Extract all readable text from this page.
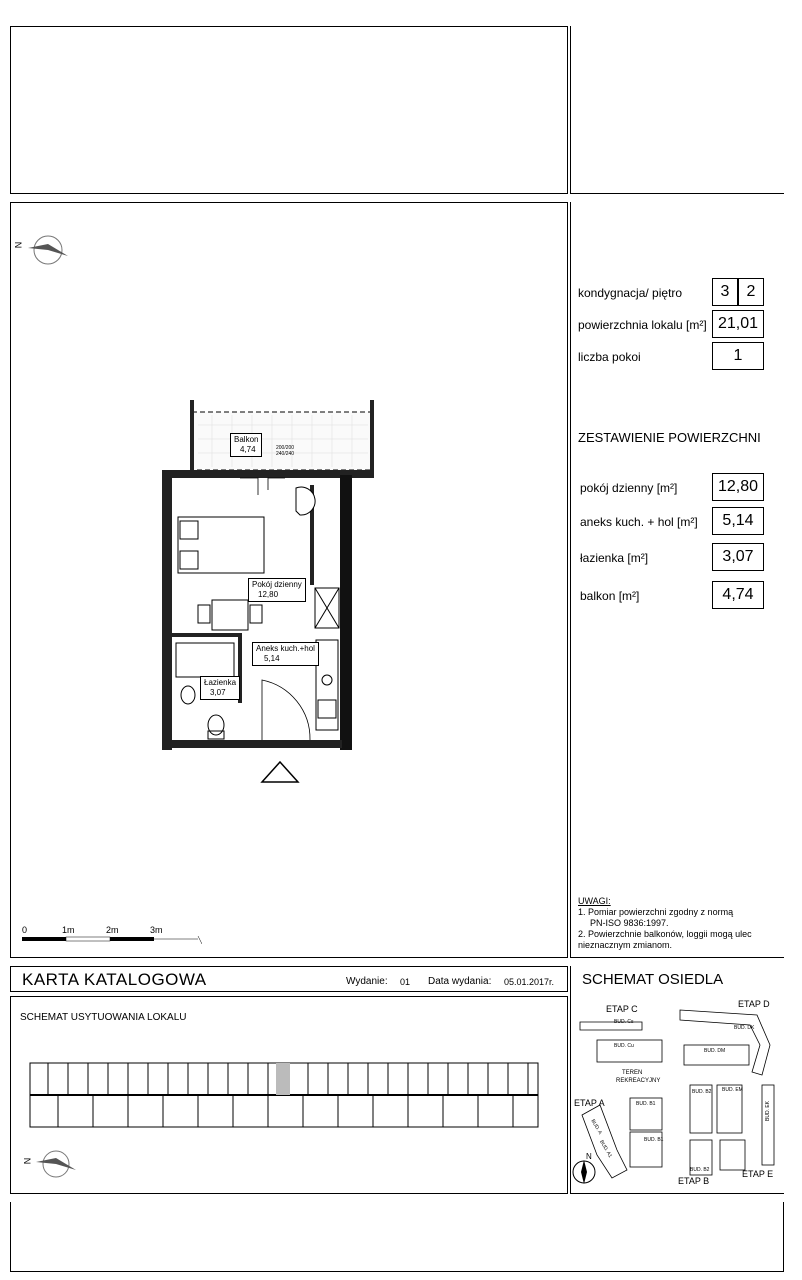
kondygnacja/ piętro	3	2
powierzchnia lokalu [m²] 21,01
liczba pokoi	1
ZESTAWIENIE POWIERZCHNI
pokój dzienny [m²]	12,80
aneks kuch. + hol [m²]	5,14
łazienka [m²]	3,07
balkon [m²]	4,74
UWAGI:
1. Pomiar powierzchni zgodny z normą
PN-ISO 9836:1997.
2. Powierzchnie balkonów, loggii mogą ulec
nieznacznym zmianom.
N
Balkon
4,74	200/200 240/240
Pokój dzienny
12,80
Aneks kuch.+hol
5,14
Łazienka
3,07
0	1m	2m	3m
KARTA KATALOGOWA	Wydanie: 01 Data wydania: 05.01.2017r.
SCHEMAT USYTUOWANIA LOKALU
N
SCHEMAT OSIEDLA
ETAP C	ETAP D
ETAP A
ETAP B
ETAP E
BUD. Cs
BUD. Cu
BUD. DK
BUD. DM
BUD. B2 BUD. EM
BUD. B1
BUD. B1
BUD. B2
BUD. EK
BUD. A
BUD. A1
TEREN
REKREACYJNY
N
